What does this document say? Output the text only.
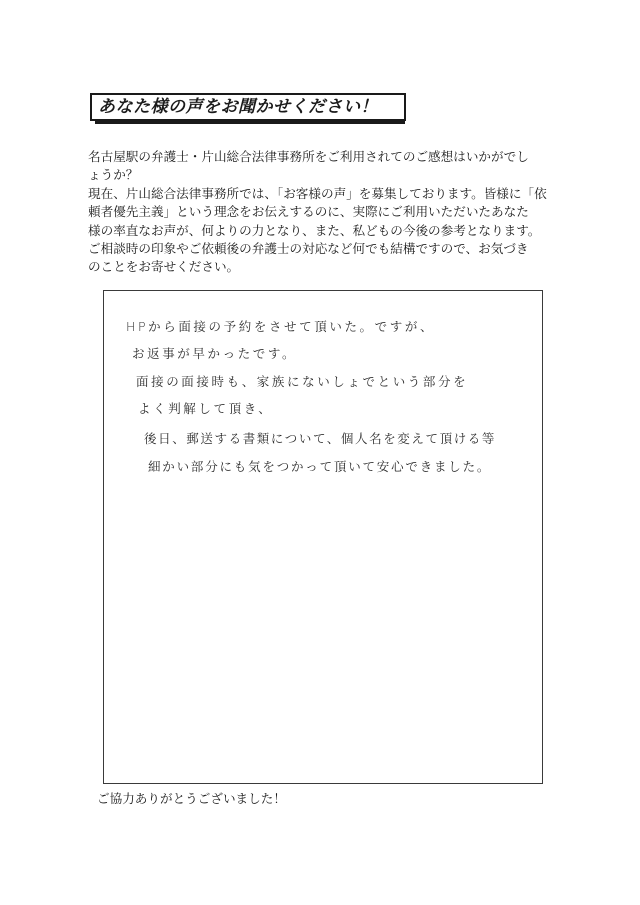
あなた様の声をお聞かせください！

名古屋駅の弁護士・片山総合法律事務所をご利用されてのご感想はいかがでし

ょうか？

現在、片山総合法律事務所では、「お客様の声」を募集しております。皆様に「依

頼者優先主義」という理念をお伝えするのに、実際にご利用いただいたあなた

様の率直なお声が、何よりの力となり、また、私どもの今後の参考となります。

ご相談時の印象やご依頼後の弁護士の対応など何でも結構ですので、お気づき

のことをお寄せください。

HPから面接の予約をさせて頂いた。ですが、
お返事が早かったです。
面接の面接時も、家族にないしょでという部分を
よく判解して頂き、
後日、郵送する書類について、個人名を変えて頂ける等
細かい部分にも気をつかって頂いて安心できました。
ご協力ありがとうございました！
